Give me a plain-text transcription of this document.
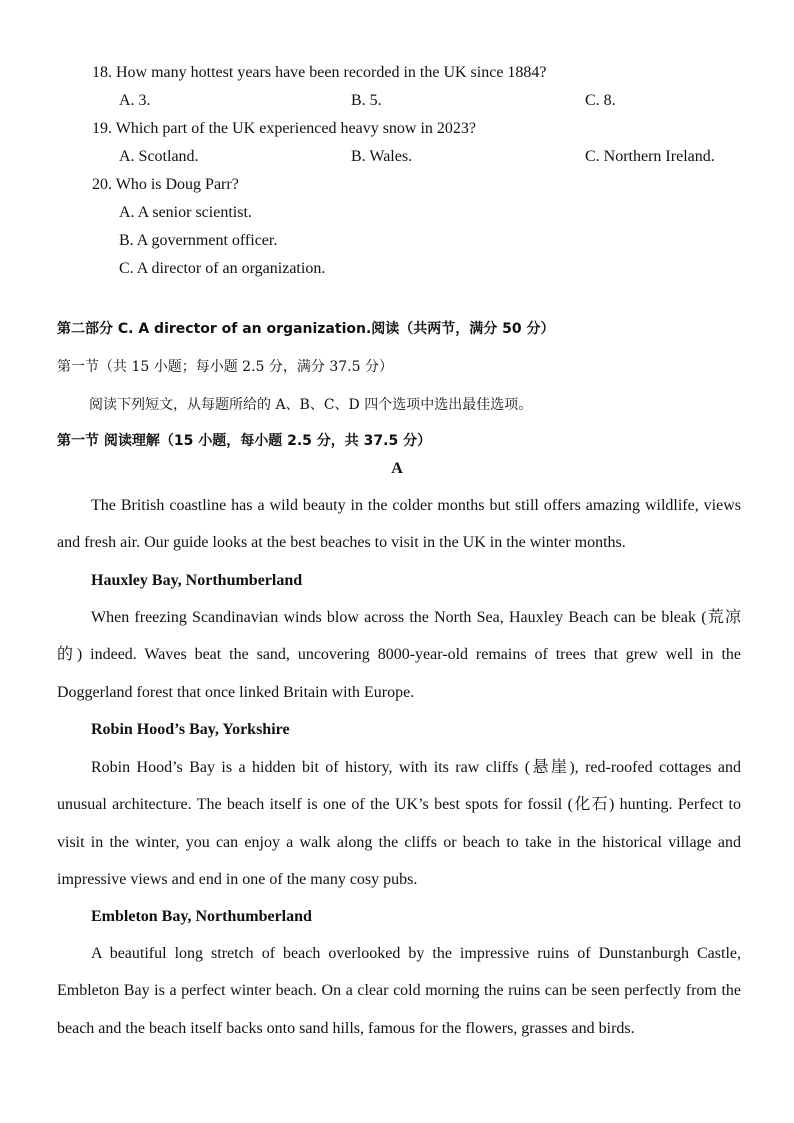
18. How many hottest years have been recorded in the UK since 1884?
A. 3.	B. 5.	C. 8.
19. Which part of the UK experienced heavy snow in 2023?
A. Scotland.	B. Wales.	C. Northern Ireland.
20. Who is Doug Parr?
A. A senior scientist.
B. A government officer.
C. A director of an organization.
第二部分 C. A director of an organization.阅读（共两节，满分 50 分）
第一节（共 15 小题；每小题 2.5 分，满分 37.5 分）
阅读下列短文，从每题所给的 A、B、C、D 四个选项中选出最佳选项。
第一节 阅读理解（15 小题，每小题 2.5 分，共 37.5 分）
A

The British coastline has a wild beauty in the colder months but still offers amazing wildlife, views and fresh air. Our guide looks at the best beaches to visit in the UK in the winter months.

Hauxley Bay, Northumberland

When freezing Scandinavian winds blow across the North Sea, Hauxley Beach can be bleak (荒凉的) indeed. Waves beat the sand, uncovering 8000-year-old remains of trees that grew well in the Doggerland forest that once linked Britain with Europe.

Robin Hood’s Bay, Yorkshire

Robin Hood’s Bay is a hidden bit of history, with its raw cliffs (悬崖), red-roofed cottages and unusual architecture. The beach itself is one of the UK’s best spots for fossil (化石) hunting. Perfect to visit in the winter, you can enjoy a walk along the cliffs or beach to take in the historical village and impressive views and end in one of the many cosy pubs.

Embleton Bay, Northumberland

A beautiful long stretch of beach overlooked by the impressive ruins of Dunstanburgh Castle, Embleton Bay is a perfect winter beach. On a clear cold morning the ruins can be seen perfectly from the beach and the beach itself backs onto sand hills, famous for the flowers, grasses and birds.
